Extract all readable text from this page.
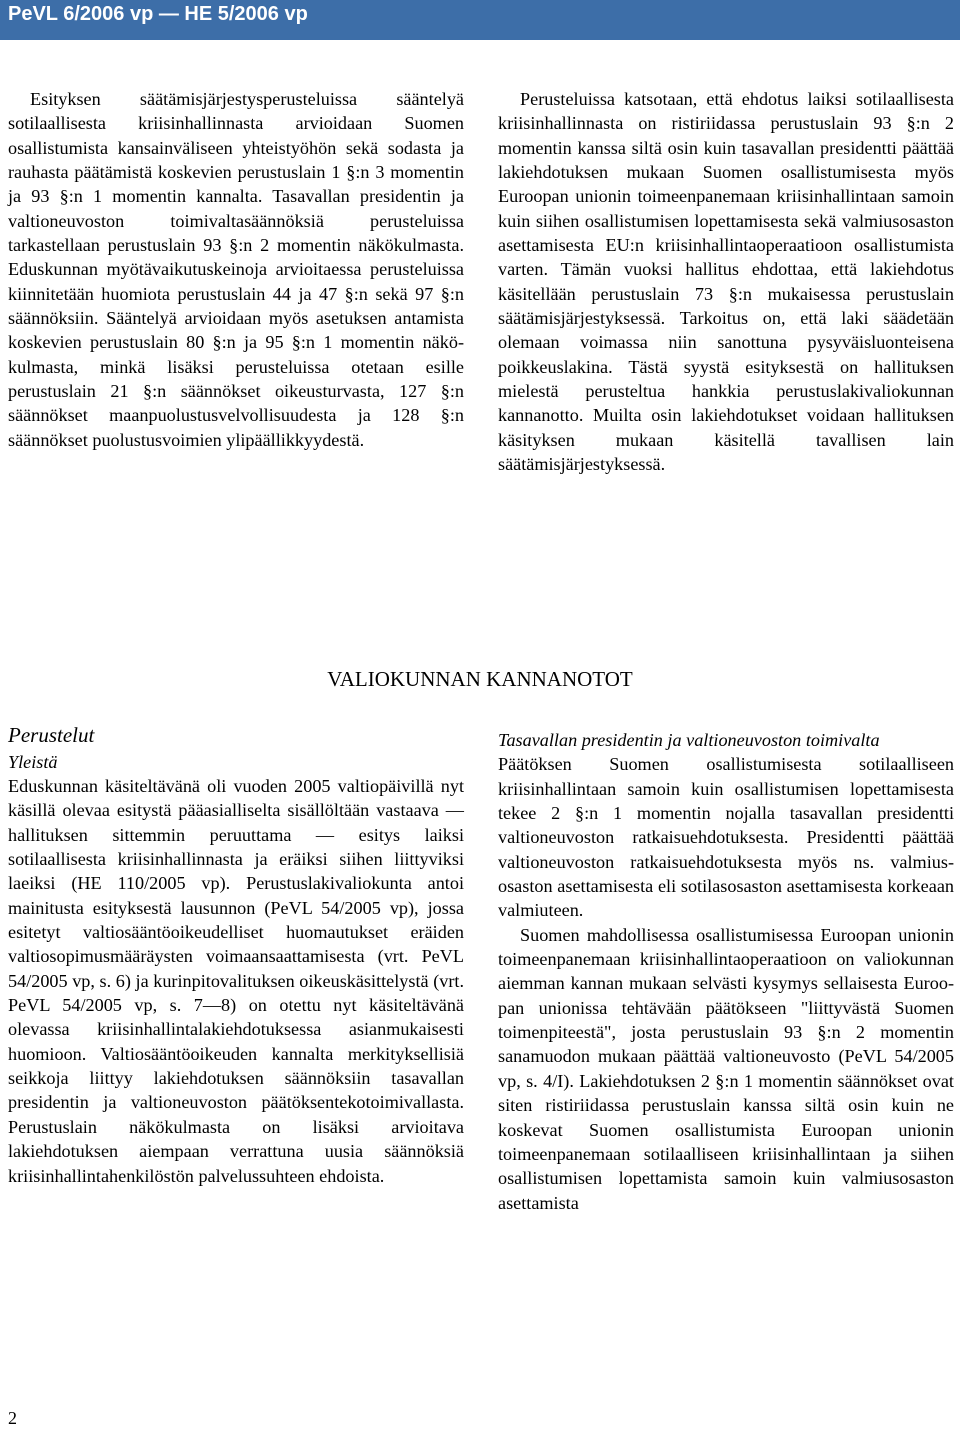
PeVL 6/2006 vp — HE 5/2006 vp

Esityksen säätämisjärjestysperusteluissa sääntelyä sotilaallisesta kriisinhallinnasta arvioidaan Suomen osallistumista kansainväliseen yhteistyöhön sekä sodasta ja rauhasta päätämistä koskevien perustuslain 1 §:n 3 momentin ja 93 §:n 1 momentin kannalta. Tasavallan presidentin ja valtioneuvoston toimivaltasäännöksiä perusteluissa tarkastellaan perustuslain 93 §:n 2 momentin näkökulmasta. Eduskunnan myötävaikutuskeinoja arvioitaessa perusteluissa kiinnitetään huomiota perustuslain 44 ja 47 §:n sekä 97 §:n säännöksiin. Sääntelyä arvioidaan myös asetuksen antamista koskevien perustuslain 80 §:n ja 95 §:n 1 momentin näkökulmasta, minkä lisäksi perusteluissa otetaan esille perustuslain 21 §:n säännökset oikeusturvasta, 127 §:n säännökset maanpuolustusvelvollisuudesta ja 128 §:n säännökset puolustusvoimien ylipäällikkyydestä.

Perusteluissa katsotaan, että ehdotus laiksi sotilaallisesta kriisinhallinnasta on ristiriidassa perustuslain 93 §:n 2 momentin kanssa siltä osin kuin tasavallan presidentti päättää lakiehdotuksen mukaan Suomen osallistumisesta myös Euroopan unionin toimeenpanemaan kriisinhallintaan samoin kuin siihen osallistumisen lopettamisesta sekä valmiusosaston asettamisesta EU:n kriisinhallintaoperaatioon osallistumista varten. Tämän vuoksi hallitus ehdottaa, että lakiehdotus käsitellään perustuslain 73 §:n mukaisessa perustuslain säätämisjärjestyksessä. Tarkoitus on, että laki säädetään olemaan voimassa niin sanottuna pysyväisluonteisena poikkeuslakina. Tästä syystä esityksestä on hallituksen mielestä perusteltua hankkia perustuslakivaliokunnan kannanotto. Muilta osin lakiehdotukset voidaan hallituksen käsityksen mukaan käsitellä tavallisen lain säätämisjärjestyksessä.

VALIOKUNNAN KANNANOTOT

Perustelut

Yleistä

Eduskunnan käsiteltävänä oli vuoden 2005 valtiopäivillä nyt käsillä olevaa esitystä pääasialliselta sisällöltään vastaava — hallituksen sittemmin peruuttama — esitys laiksi sotilaallisesta kriisinhallinnasta ja eräiksi siihen liittyviksi laeiksi (HE 110/2005 vp). Perustuslakivaliokunta antoi mainitusta esityksestä lausunnon (PeVL 54/2005 vp), jossa esitetyt valtiosääntöoikeudelliset huomautukset eräiden valtiosopimusmääräysten voimaansaattamisesta (vrt. PeVL 54/2005 vp, s. 6) ja kurinpitovalituksen oikeuskäsittelystä (vrt. PeVL 54/2005 vp, s. 7—8) on otettu nyt käsiteltävänä olevassa kriisinhallintalakiehdotuksessa asianmukaisesti huomioon. Valtiosääntöoikeuden kannalta merkityksellisiä seikkoja liittyy lakiehdotuksen säännöksiin tasavallan presidentin ja valtioneuvoston päätöksentekotoimivallasta. Perustuslain näkökulmasta on lisäksi arvioitava lakiehdotuksen aiempaan verrattuna uusia säännöksiä kriisinhallintahenkilöstön palvelussuhteen ehdoista.

Tasavallan presidentin ja valtioneuvoston toimivalta

Päätöksen Suomen osallistumisesta sotilaalliseen kriisinhallintaan samoin kuin osallistumisen lopettamisesta tekee 2 §:n 1 momentin nojalla tasavallan presidentti valtioneuvoston ratkaisuehdotuksesta. Presidentti päättää valtioneuvoston ratkaisuehdotuksesta myös ns. valmiusosaston asettamisesta eli sotilasosaston asettamisesta korkeaan valmiuteen.

Suomen mahdollisessa osallistumisessa Euroopan unionin toimeenpanemaan kriisinhallintaoperaatioon on valiokunnan aiemman kannan mukaan selvästi kysymys sellaisesta Euroopan unionissa tehtävään päätökseen "liittyvästä Suomen toimenpiteestä", josta perustuslain 93 §:n 2 momentin sanamuodon mukaan päättää valtioneuvosto (PeVL 54/2005 vp, s. 4/I). Lakiehdotuksen 2 §:n 1 momentin säännökset ovat siten ristiriidassa perustuslain kanssa siltä osin kuin ne koskevat Suomen osallistumista Euroopan unionin toimeenpanemaan sotilaalliseen kriisinhallintaan ja siihen osallistumisen lopettamista samoin kuin valmiusosaston asettamista

2
